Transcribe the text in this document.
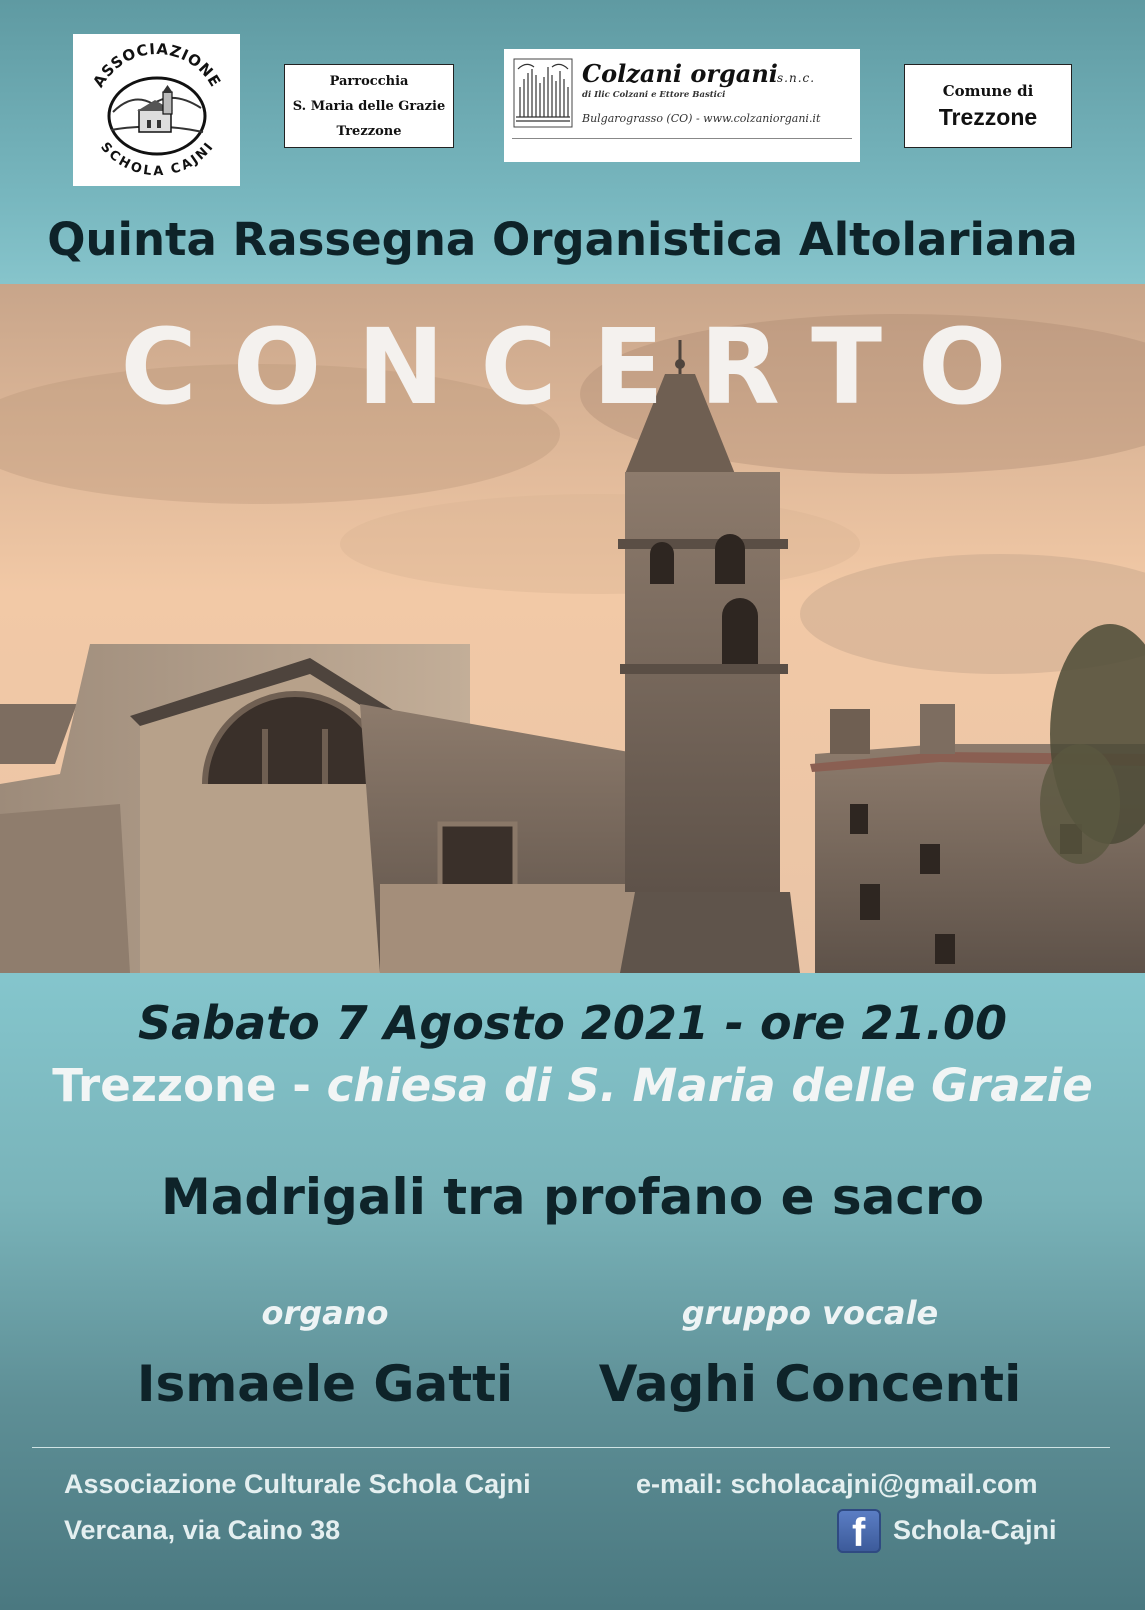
ASSOCIAZIONE
SCHOLA CAJNI
Parrocchia
S. Maria delle Grazie
Trezzone
Colzani organi s.n.c.
di Ilic Colzani e Ettore Bastici
Bulgarograsso (CO) - www.colzaniorgani.it
Comune di
Trezzone
Quinta Rassegna Organistica Altolariana
CONCERTO
Sabato 7 Agosto 2021 - ore 21.00
Trezzone - chiesa di S. Maria delle Grazie
Madrigali tra profano e sacro
organo	gruppo vocale
Ismaele Gatti	Vaghi Concenti
Associazione Culturale Schola Cajni
Vercana, via Caino 38
e-mail: scholacajni@gmail.com
f Schola-Cajni
